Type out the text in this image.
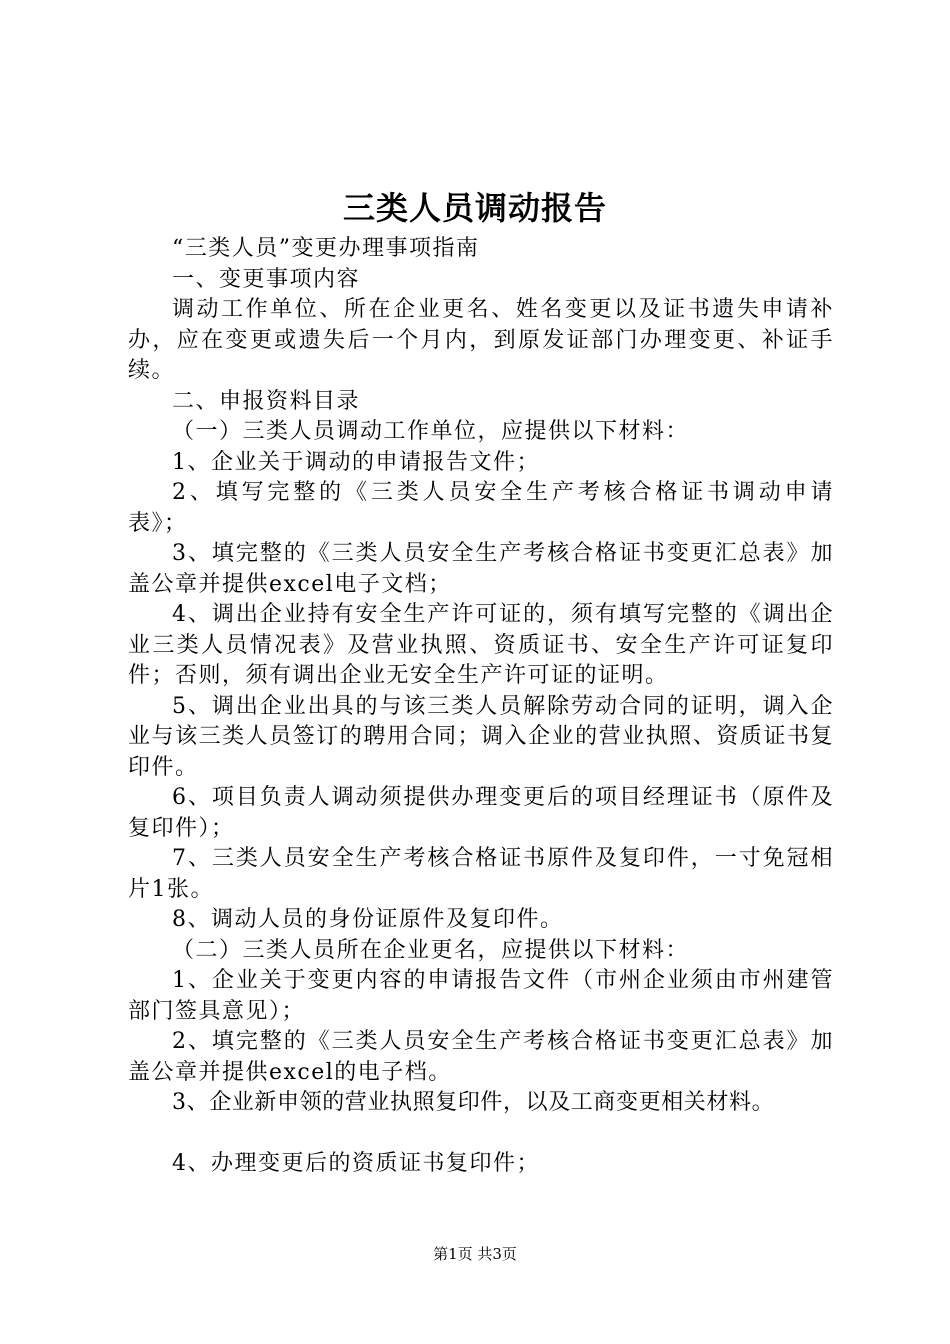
三类人员调动报告

“三类人员”变更办理事项指南

一、变更事项内容

调动工作单位、所在企业更名、姓名变更以及证书遗失申请补办，应在变更或遗失后一个月内，到原发证部门办理变更、补证手续。

二、申报资料目录

（一）三类人员调动工作单位，应提供以下材料：

1、企业关于调动的申请报告文件；

2、填写完整的《三类人员安全生产考核合格证书调动申请表》；

3、填完整的《三类人员安全生产考核合格证书变更汇总表》加盖公章并提供excel电子文档；

4、调出企业持有安全生产许可证的，须有填写完整的《调出企业三类人员情况表》及营业执照、资质证书、安全生产许可证复印件；否则，须有调出企业无安全生产许可证的证明。

5、调出企业出具的与该三类人员解除劳动合同的证明，调入企业与该三类人员签订的聘用合同；调入企业的营业执照、资质证书复印件。

6、项目负责人调动须提供办理变更后的项目经理证书（原件及复印件）；

7、三类人员安全生产考核合格证书原件及复印件，一寸免冠相片1张。

8、调动人员的身份证原件及复印件。

（二）三类人员所在企业更名，应提供以下材料：

1、企业关于变更内容的申请报告文件（市州企业须由市州建管部门签具意见）；

2、填完整的《三类人员安全生产考核合格证书变更汇总表》加盖公章并提供excel的电子档。

3、企业新申领的营业执照复印件，以及工商变更相关材料。

4、办理变更后的资质证书复印件；

第1页 共3页
